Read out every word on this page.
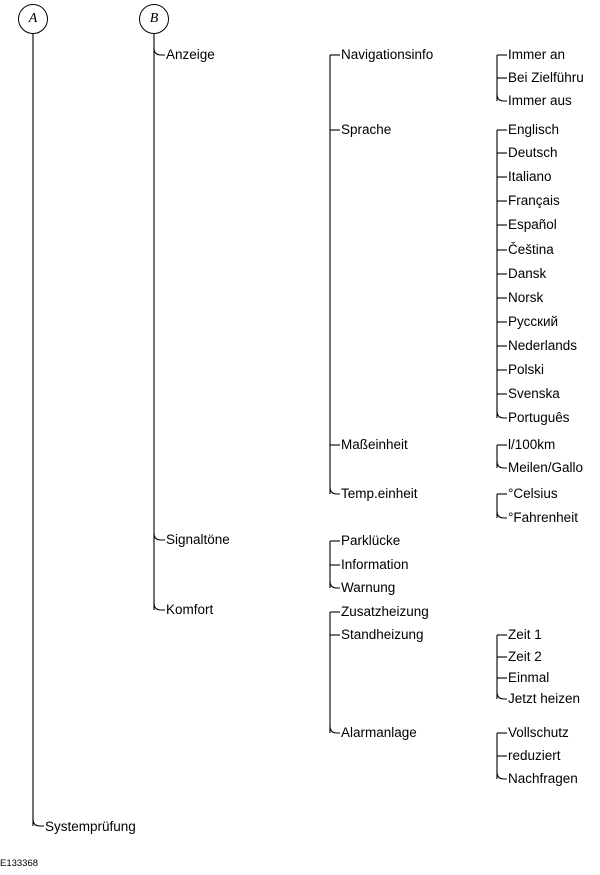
A	B
Anzeige
Signaltöne
Komfort
Systemprüfung
Navigationsinfo
Sprache
Maßeinheit
Temp.einheit
Parklücke
Information
Warnung
Zusatzheizung
Standheizung
Alarmanlage
Immer an
Bei Zielführu
Immer aus
Englisch
Deutsch
Italiano
Français
Español
Čeština
Dansk
Norsk
Русский
Nederlands
Polski
Svenska
Português
l/100km
Meilen/Gallo
°Celsius
°Fahrenheit
Zeit 1
Zeit 2
Einmal
Jetzt heizen
Vollschutz
reduziert
Nachfragen
E133368
